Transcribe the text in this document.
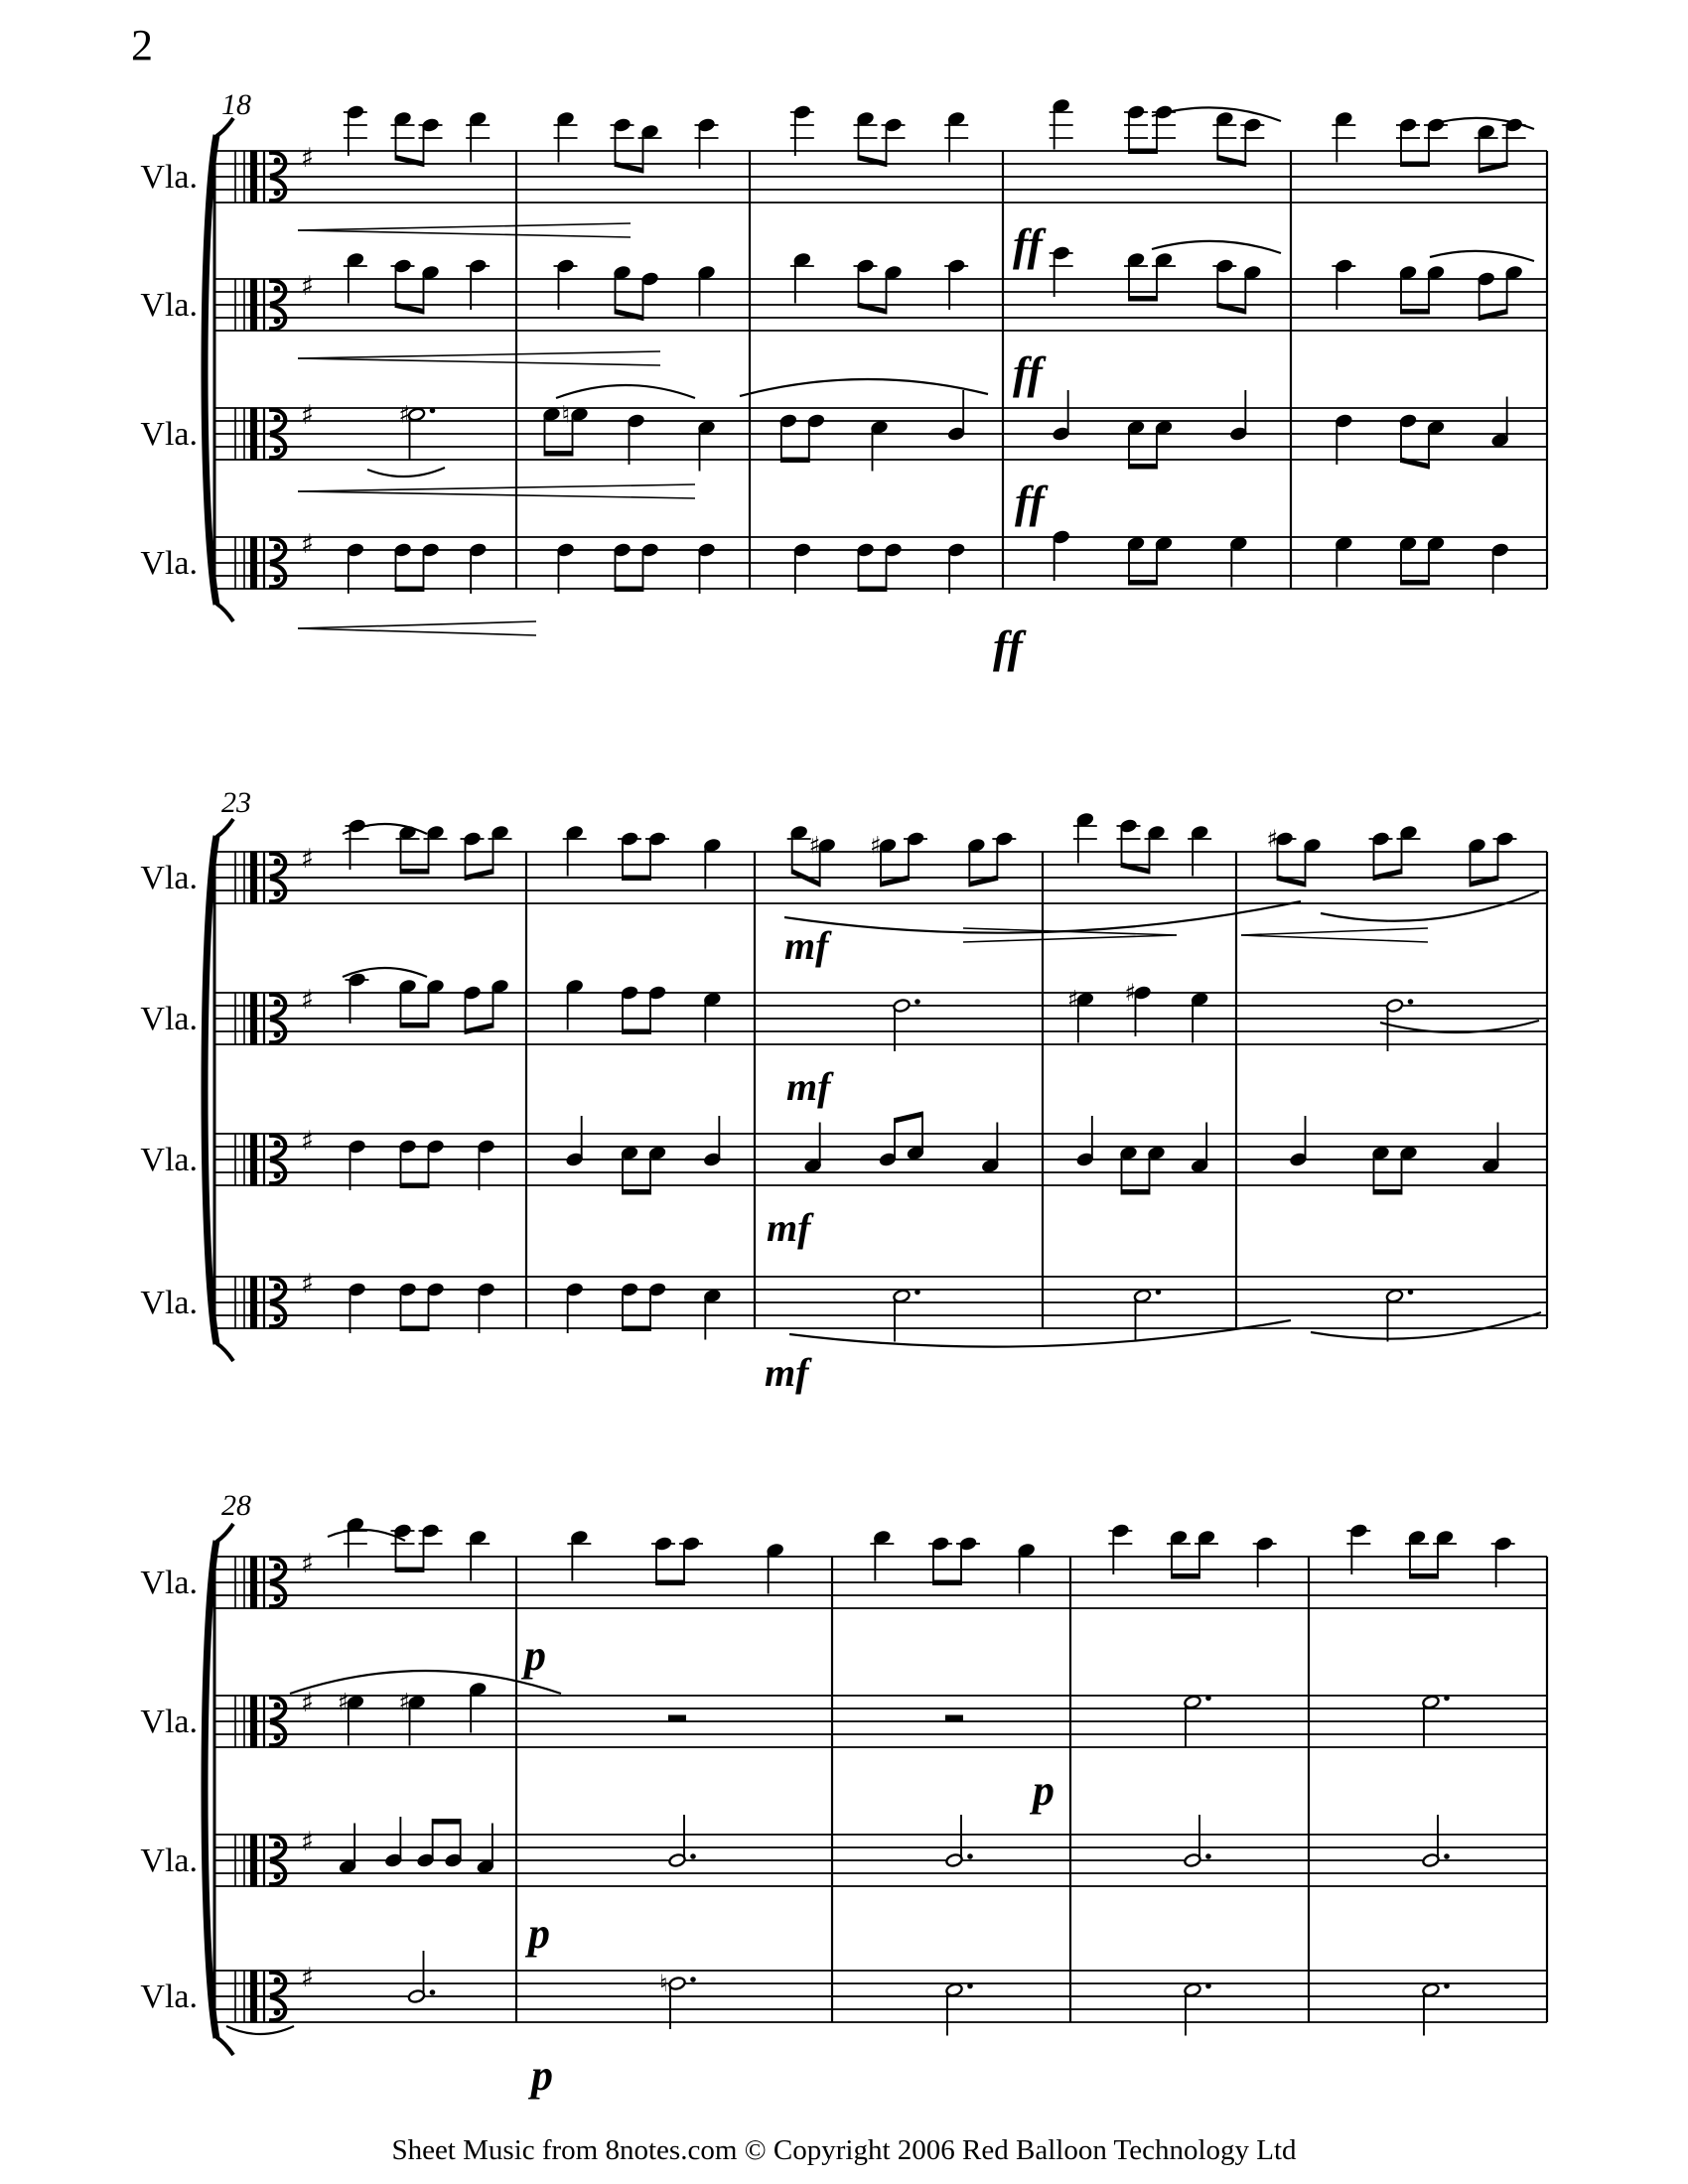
2
18
♯
Vla.
♯
Vla.
♯
Vla.
♯	♮
♯
Vla.
ff
ff
ff
ff
23
♯
Vla.
♯ ♯	♯
♯
Vla.
♯ ♯
♯
Vla.
♯
Vla.
mf
mf
mf
mf
28
♯
Vla.
♯
Vla.
♯ ♯
♯
Vla.
♯
Vla.	♮
p
p
p
p
Sheet Music from 8notes.com © Copyright 2006 Red Balloon Technology Ltd
